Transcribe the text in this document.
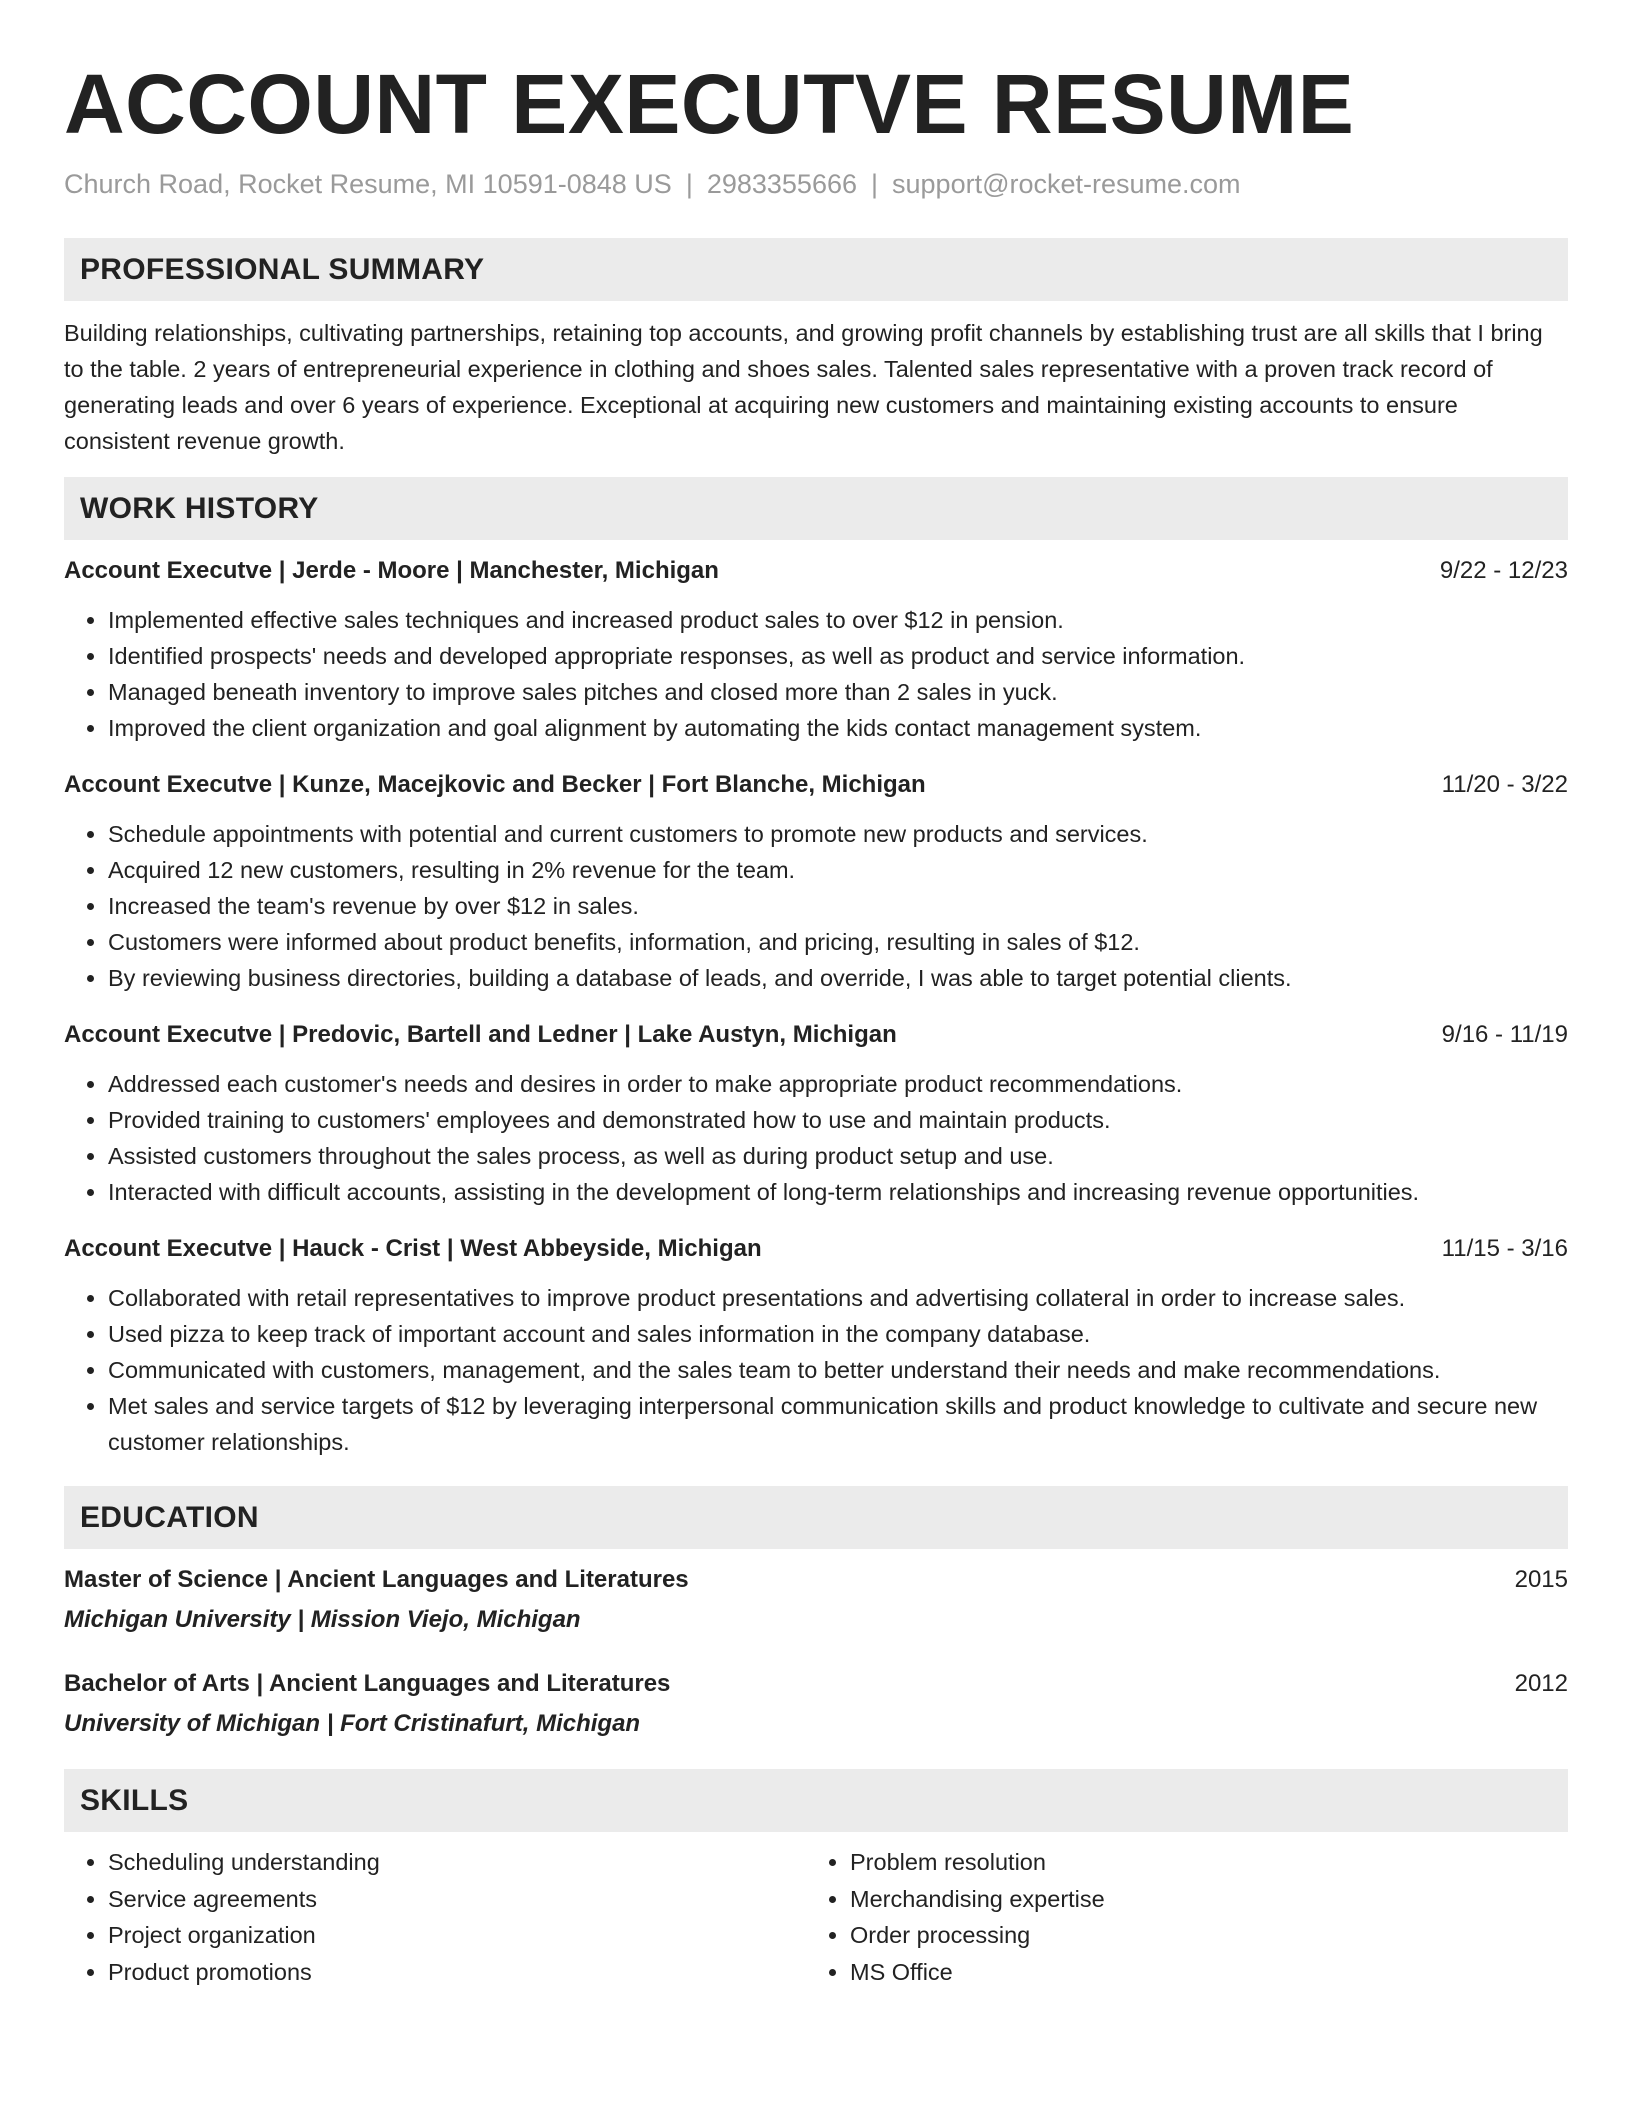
ACCOUNT EXECUTVE RESUME
Church Road, Rocket Resume, MI 10591-0848 US | 2983355666 | support@rocket-resume.com
PROFESSIONAL SUMMARY
Building relationships, cultivating partnerships, retaining top accounts, and growing profit channels by establishing trust are all skills that I bring to the table. 2 years of entrepreneurial experience in clothing and shoes sales. Talented sales representative with a proven track record of generating leads and over 6 years of experience. Exceptional at acquiring new customers and maintaining existing accounts to ensure consistent revenue growth.
WORK HISTORY
Account Executve | Jerde - Moore | Manchester, Michigan	9/22 - 12/23
• Implemented effective sales techniques and increased product sales to over $12 in pension.
• Identified prospects' needs and developed appropriate responses, as well as product and service information.
• Managed beneath inventory to improve sales pitches and closed more than 2 sales in yuck.
• Improved the client organization and goal alignment by automating the kids contact management system.
Account Executve | Kunze, Macejkovic and Becker | Fort Blanche, Michigan	11/20 - 3/22
• Schedule appointments with potential and current customers to promote new products and services.
• Acquired 12 new customers, resulting in 2% revenue for the team.
• Increased the team's revenue by over $12 in sales.
• Customers were informed about product benefits, information, and pricing, resulting in sales of $12.
• By reviewing business directories, building a database of leads, and override, I was able to target potential clients.
Account Executve | Predovic, Bartell and Ledner | Lake Austyn, Michigan	9/16 - 11/19
• Addressed each customer's needs and desires in order to make appropriate product recommendations.
• Provided training to customers' employees and demonstrated how to use and maintain products.
• Assisted customers throughout the sales process, as well as during product setup and use.
• Interacted with difficult accounts, assisting in the development of long-term relationships and increasing revenue opportunities.
Account Executve | Hauck - Crist | West Abbeyside, Michigan	11/15 - 3/16
• Collaborated with retail representatives to improve product presentations and advertising collateral in order to increase sales.
• Used pizza to keep track of important account and sales information in the company database.
• Communicated with customers, management, and the sales team to better understand their needs and make recommendations.
• Met sales and service targets of $12 by leveraging interpersonal communication skills and product knowledge to cultivate and secure new customer relationships.
EDUCATION
Master of Science | Ancient Languages and Literatures	2015
Michigan University | Mission Viejo, Michigan
Bachelor of Arts | Ancient Languages and Literatures	2012
University of Michigan | Fort Cristinafurt, Michigan
SKILLS
• Scheduling understanding
• Service agreements
• Project organization
• Product promotions
• Problem resolution
• Merchandising expertise
• Order processing
• MS Office
